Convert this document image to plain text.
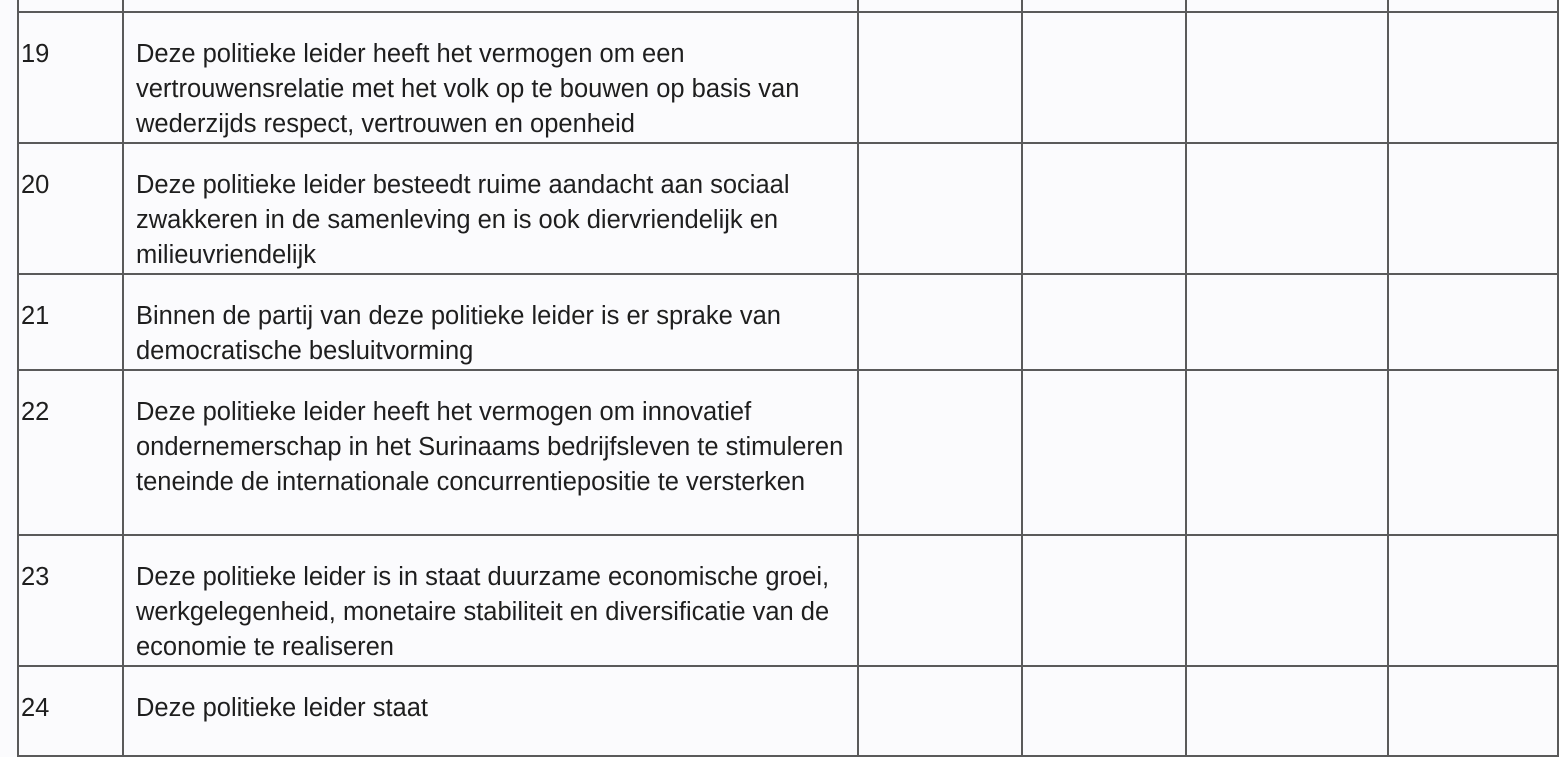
19	Deze politieke leider heeft het vermogen om een vertrouwensrelatie met het volk op te bouwen op basis van wederzijds respect, vertrouwen en openheid				

20	Deze politieke leider besteedt ruime aandacht aan sociaal zwakkeren in de samenleving en is ook diervriendelijk en milieuvriendelijk				

21	Binnen de partij van deze politieke leider is er sprake van democratische besluitvorming				

22	Deze politieke leider heeft het vermogen om innovatief ondernemerschap in het Surinaams bedrijfsleven te stimuleren teneinde de internationale concurrentiepositie te versterken				

23	Deze politieke leider is in staat duurzame economische groei, werkgelegenheid, monetaire stabiliteit en diversificatie van de economie te realiseren				

24	Deze politieke leider staat				
